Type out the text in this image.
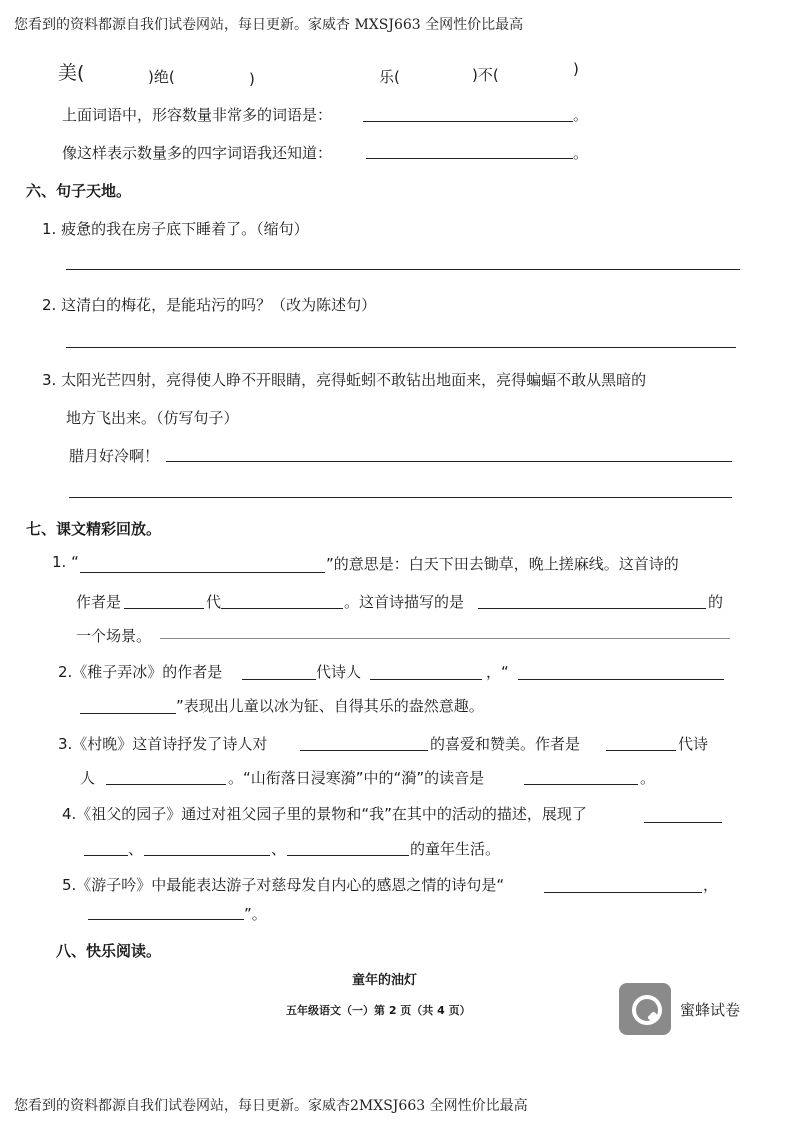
您看到的资料都源自我们试卷网站，每日更新。家威杏 MXSJ663 全网性价比最高
美(	)绝(	)	乐(	)不(	)
上面词语中，形容数量非常多的词语是：	。
像这样表示数量多的四字词语我还知道：	。
六、句子天地。
1. 疲惫的我在房子底下睡着了。（缩句）
2. 这清白的梅花，是能玷污的吗？（改为陈述句）
3. 太阳光芒四射，亮得使人睁不开眼睛，亮得蚯蚓不敢钻出地面来，亮得蝙蝠不敢从黑暗的
地方飞出来。（仿写句子）
腊月好冷啊！
七、课文精彩回放。
1. “	”的意思是：白天下田去锄草，晚上搓麻线。这首诗的
作者是	代	。这首诗描写的是	的
一个场景。
2.《稚子弄冰》的作者是	代诗人	，“
”表现出儿童以冰为钲、自得其乐的盎然意趣。
3.《村晚》这首诗抒发了诗人对	的喜爱和赞美。作者是	代诗
人	。“山衔落日浸寒漪”中的“漪”的读音是	。
4.《祖父的园子》通过对祖父园子里的景物和“我”在其中的活动的描述，展现了
、	、	的童年生活。
5.《游子吟》中最能表达游子对慈母发自内心的感恩之情的诗句是“	，
”。
八、快乐阅读。
童年的油灯
五年级语文（一）第 2 页（共 4 页）	蜜蜂试卷
您看到的资料都源自我们试卷网站，每日更新。家威杏2MXSJ663 全网性价比最高
